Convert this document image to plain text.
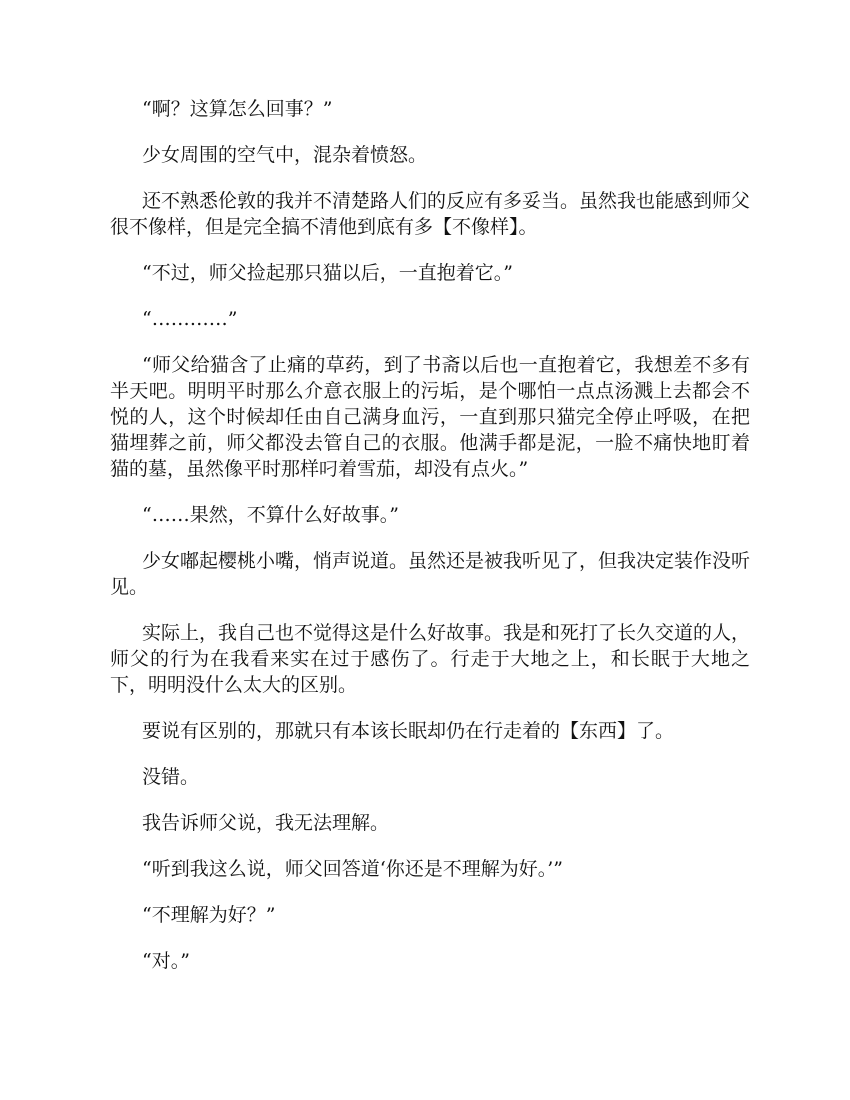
“啊？这算怎么回事？”

少女周围的空气中，混杂着愤怒。

还不熟悉伦敦的我并不清楚路人们的反应有多妥当。虽然我也能感到师父很不像样，但是完全搞不清他到底有多【不像样】。

“不过，师父捡起那只猫以后，一直抱着它。”

“…………”

“师父给猫含了止痛的草药，到了书斋以后也一直抱着它，我想差不多有半天吧。明明平时那么介意衣服上的污垢，是个哪怕一点点汤溅上去都会不悦的人，这个时候却任由自己满身血污，一直到那只猫完全停止呼吸，在把猫埋葬之前，师父都没去管自己的衣服。他满手都是泥，一脸不痛快地盯着猫的墓，虽然像平时那样叼着雪茄，却没有点火。”

“……果然，不算什么好故事。”

少女嘟起樱桃小嘴，悄声说道。虽然还是被我听见了，但我决定装作没听见。

实际上，我自己也不觉得这是什么好故事。我是和死打了长久交道的人，师父的行为在我看来实在过于感伤了。行走于大地之上，和长眠于大地之下，明明没什么太大的区别。

要说有区别的，那就只有本该长眠却仍在行走着的【东西】了。

没错。

我告诉师父说，我无法理解。

“听到我这么说，师父回答道‘你还是不理解为好。’”

“不理解为好？”

“对。”
